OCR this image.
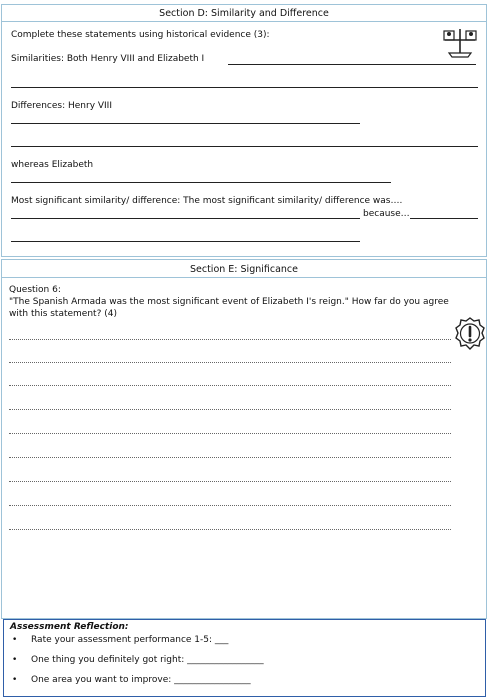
Section D: Similarity and Difference
Complete these statements using historical evidence (3):
Similarities: Both Henry VIII and Elizabeth I
Differences: Henry VIII
whereas Elizabeth
Most significant similarity/ difference: The most significant similarity/ difference was….
because…
Section E: Significance
Question 6:
"The Spanish Armada was the most significant event of Elizabeth I's reign." How far do you agree
with this statement? (4)
Assessment Reflection:
• Rate your assessment performance 1-5: ___
• One thing you definitely got right: _________________
• One area you want to improve: _________________
